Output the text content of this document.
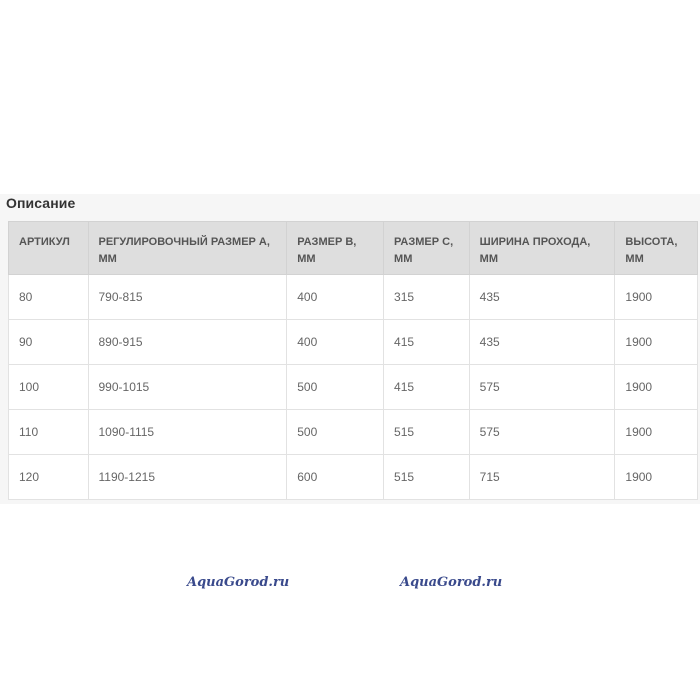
Описание
АРТИКУЛ	РЕГУЛИРОВОЧНЫЙ РАЗМЕР А, ММ	РАЗМЕР В, ММ	РАЗМЕР С, ММ	ШИРИНА ПРОХОДА, ММ	ВЫСОТА, ММ
80	790-815	400	315	435	1900
90	890-915	400	415	435	1900
100	990-1015	500	415	575	1900
110	1090-1115	500	515	575	1900
120	1190-1215	600	515	715	1900
AquaGorod.ru	AquaGorod.ru
